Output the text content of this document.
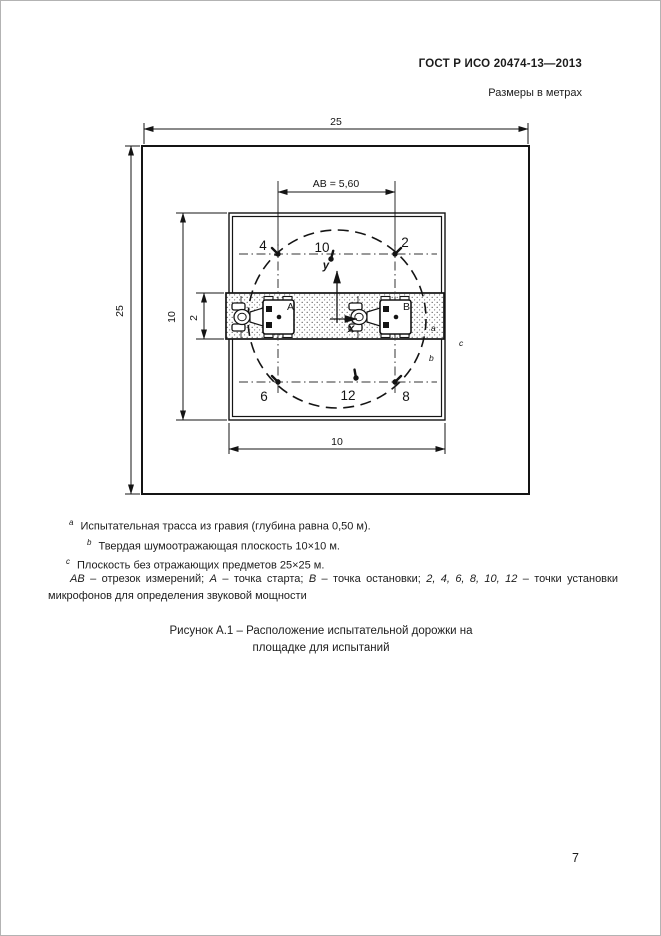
ГОСТ Р ИСО 20474-13—2013
Размеры в метрах
25
25
10 2
АВ = 5,60
10
А	В
y
x
4	10	2
6	12	8
a
c
b
$^a$ Испытательная трасса из гравия (глубина равна 0,50 м).
$^b$ Твердая шумоотражающая плоскость 10×10 м.
$^c$ Плоскость без отражающих предметов 25×25 м.

АВ – отрезок измерений; А – точка старта; В – точка остановки; 2, 4, 6, 8, 10, 12 – точки установки микрофонов для определения звуковой мощности

Рисунок А.1 – Расположение испытательной дорожки на
площадке для испытаний
7
